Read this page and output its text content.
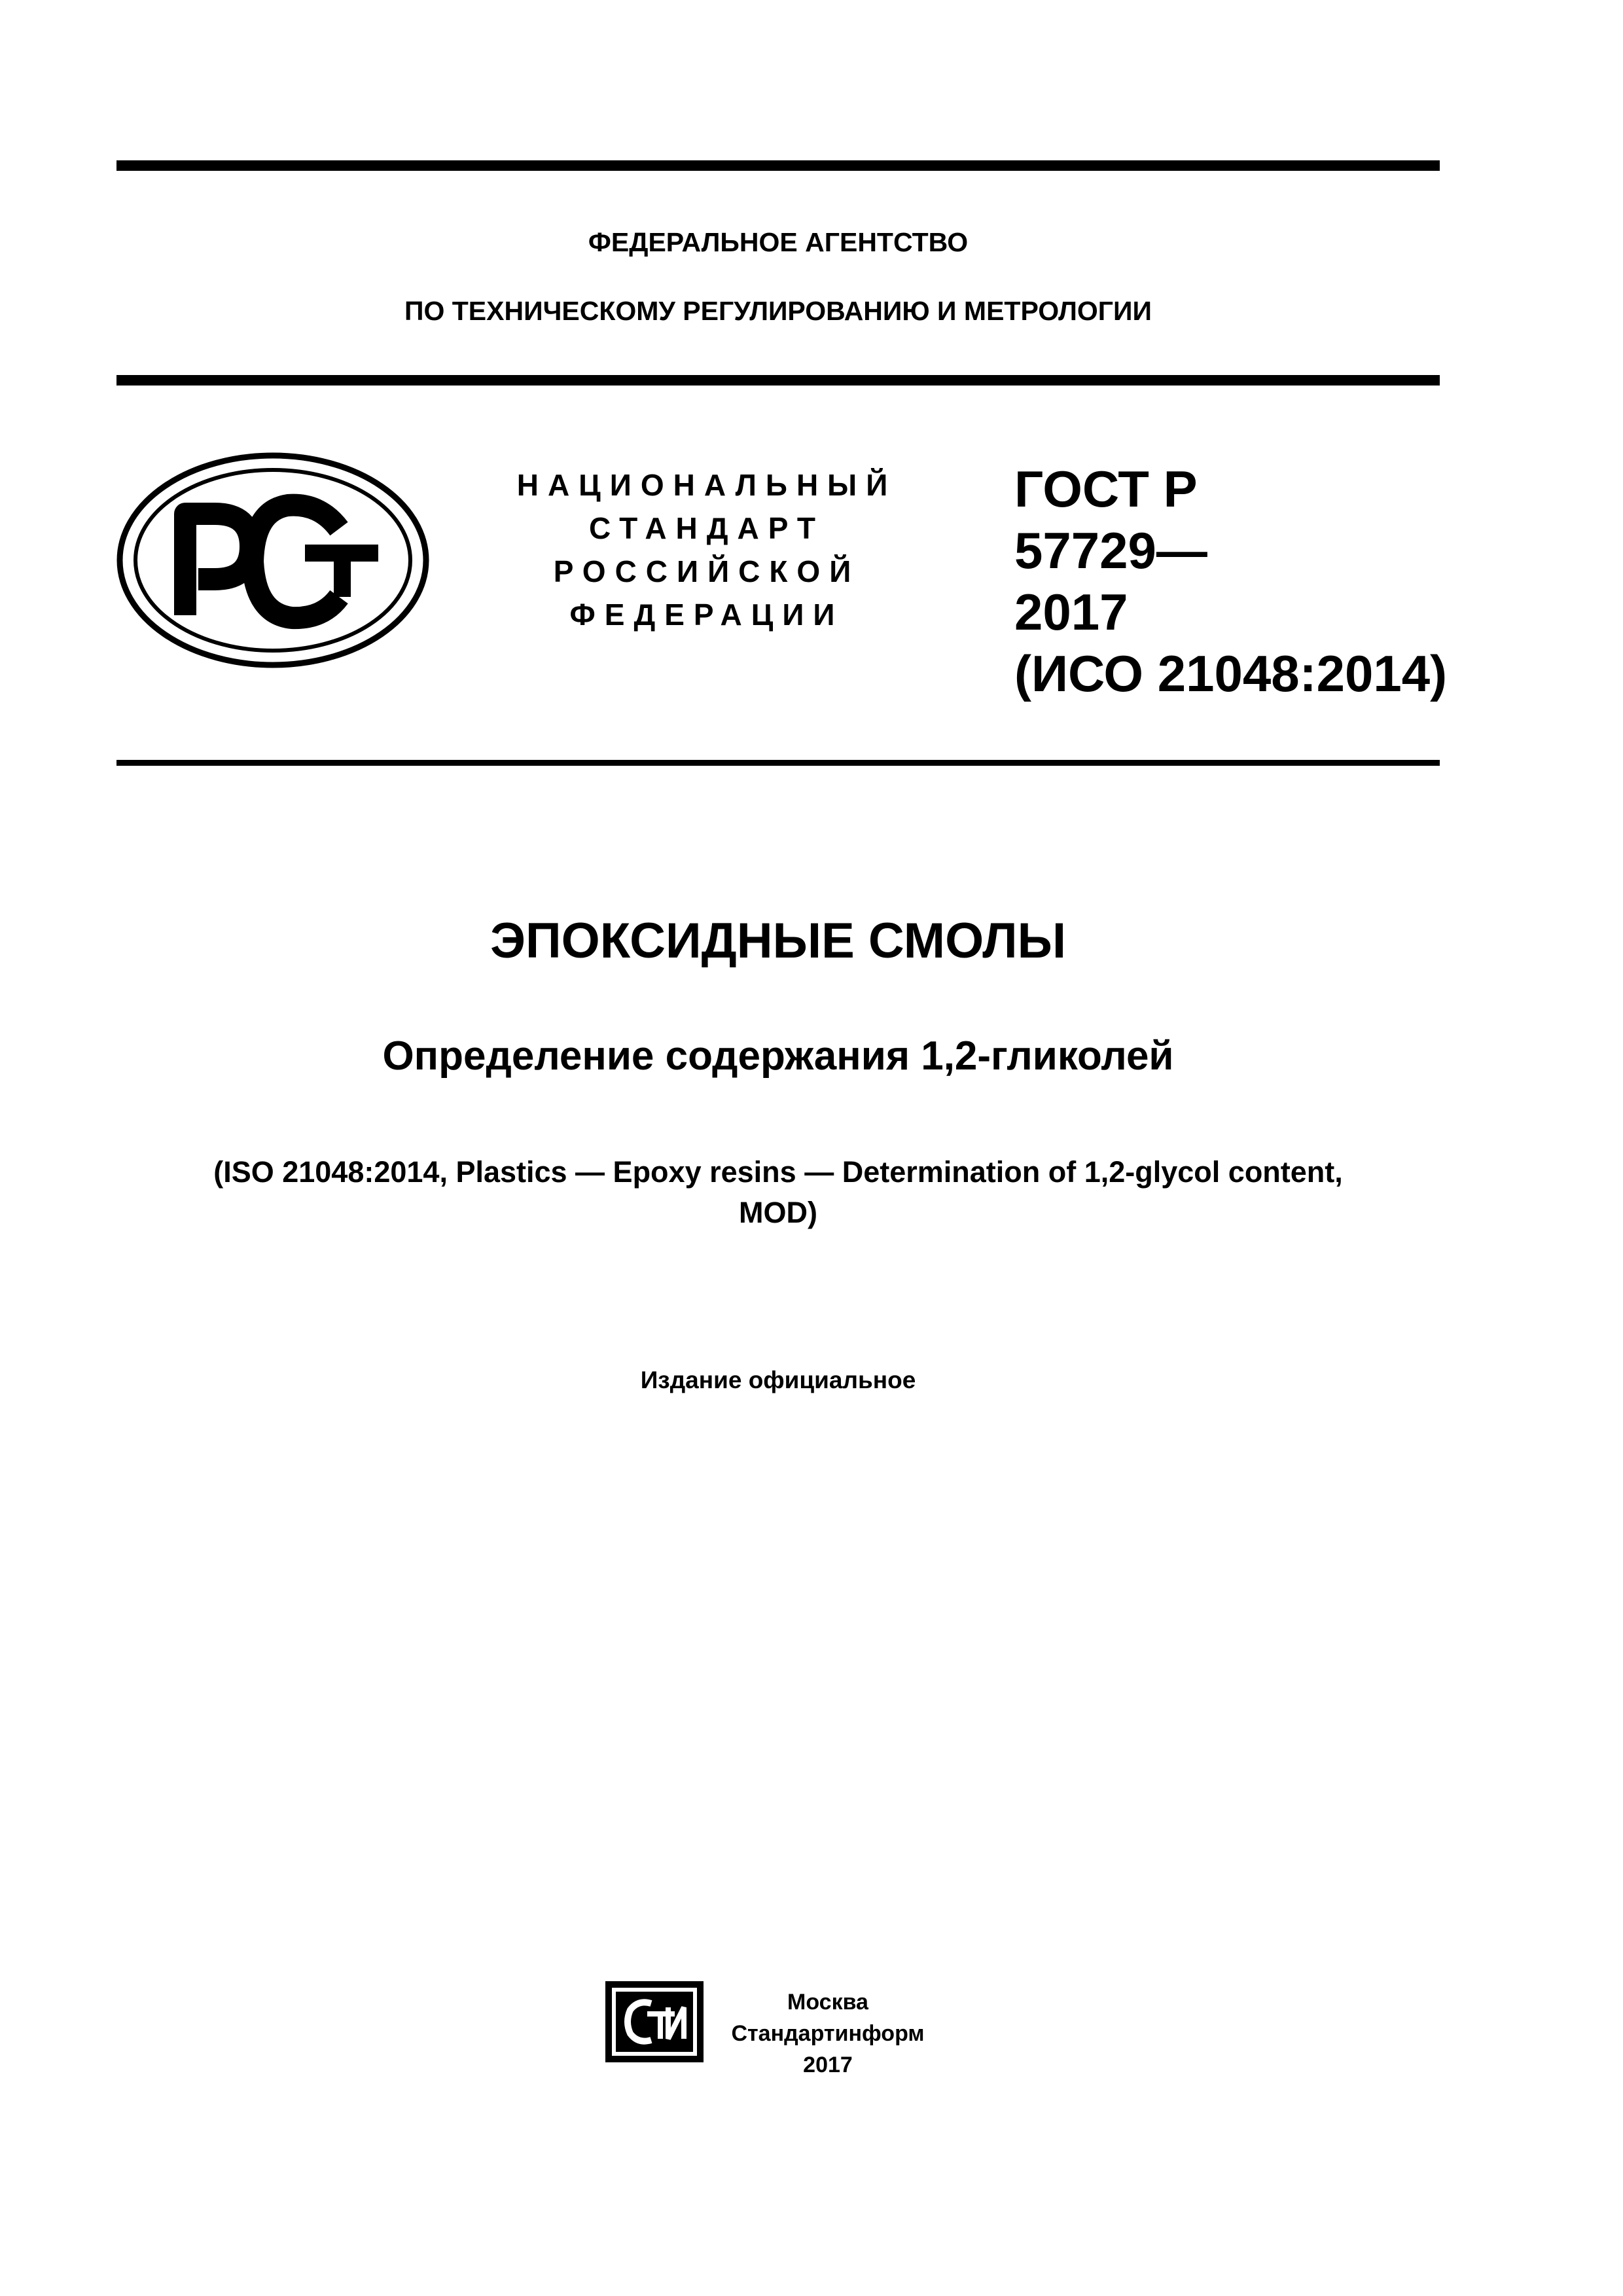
ФЕДЕРАЛЬНОЕ АГЕНТСТВО
ПО ТЕХНИЧЕСКОМУ РЕГУЛИРОВАНИЮ И МЕТРОЛОГИИ
НАЦИОНАЛЬНЫЙ
СТАНДАРТ
РОССИЙСКОЙ
ФЕДЕРАЦИИ
ГОСТ Р
57729—
2017
(ИСО 21048:2014)
ЭПОКСИДНЫЕ СМОЛЫ
Определение содержания 1,2-гликолей
(ISO 21048:2014, Plastics — Epoxy resins — Determination of 1,2-glycol content,
MOD)
Издание официальное
Москва
Стандартинформ
2017
